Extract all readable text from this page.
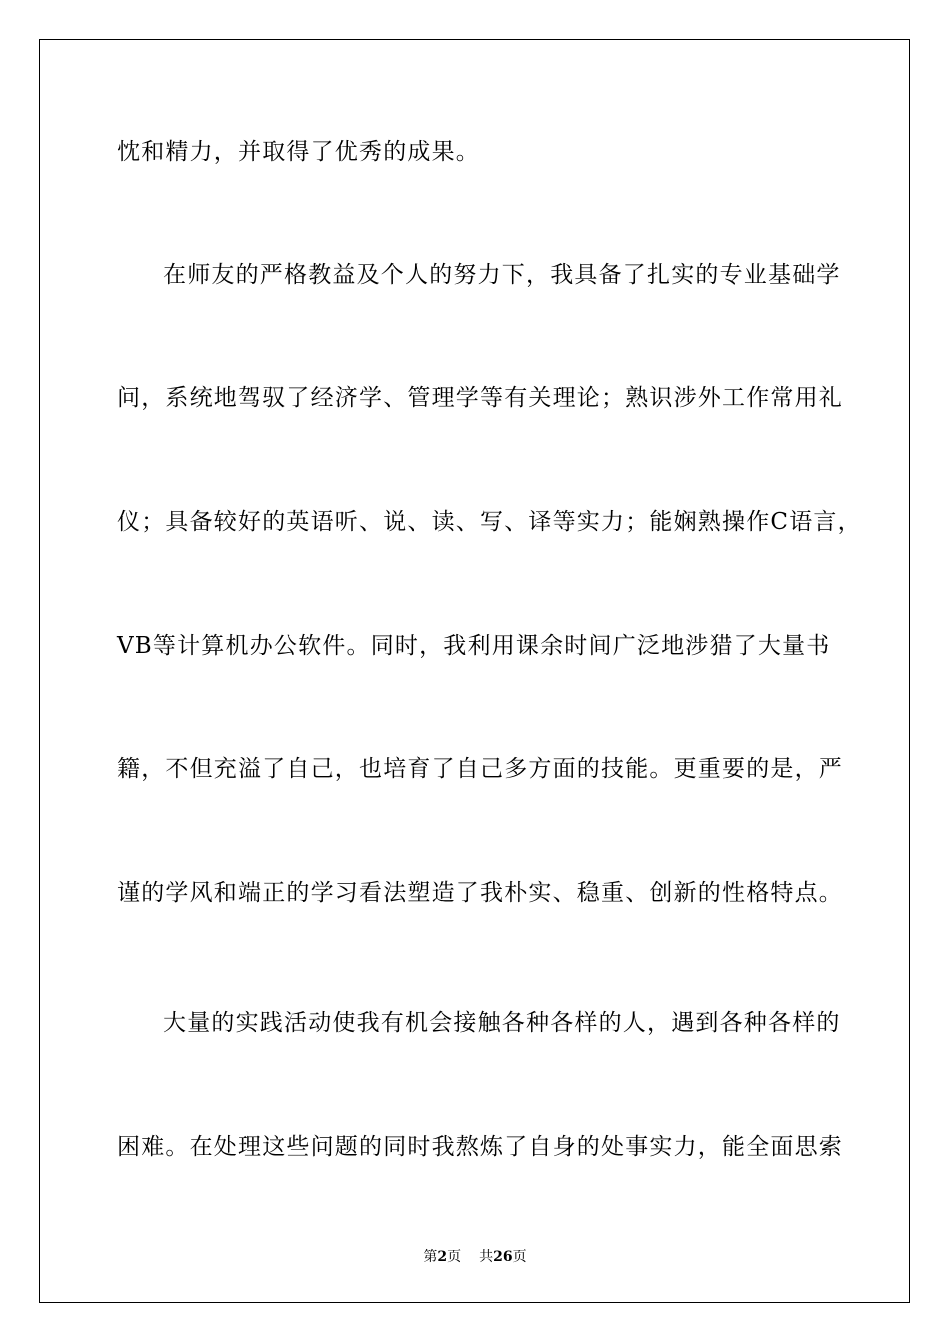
忱和精力，并取得了优秀的成果。
在师友的严格教益及个人的努力下，我具备了扎实的专业基础学
问，系统地驾驭了经济学、管理学等有关理论；熟识涉外工作常用礼
仪；具备较好的英语听、说、读、写、译等实力；能娴熟操作C语言，
VB等计算机办公软件。同时，我利用课余时间广泛地涉猎了大量书
籍，不但充溢了自己，也培育了自己多方面的技能。更重要的是，严
谨的学风和端正的学习看法塑造了我朴实、稳重、创新的性格特点。
大量的实践活动使我有机会接触各种各样的人，遇到各种各样的
困难。在处理这些问题的同时我熬炼了自身的处事实力，能全面思索
第2页 共26页
